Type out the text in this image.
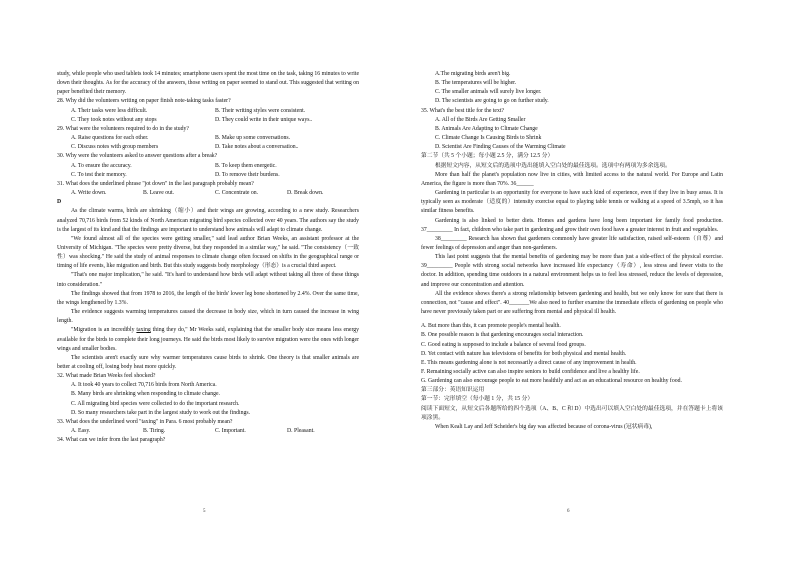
study, while people who used tablets took 14 minutes; smartphone users spent the most time on the task, taking 16 minutes to write down their thoughts. As for the accuracy of the answers, those writing on paper seemed to stand out. This suggested that writing on paper benefited their memory.

28. Why did the volunteers writing on paper finish note-taking tasks faster?

A. Their tasks were less difficult.	B. Their writing styles were consistent.
C. They took notes without any stops	D. They could write in their unique ways..

29. What were the volunteers required to do in the study?

A. Raise questions for each other.	B. Make up some conversations.
C. Discuss notes with group members	D. Take notes about a conversation..

30. Why were the volunteers asked to answer questions after a break?

A. To ensure the accuracy.	B. To keep them energetic.
C. To test their memory.	D. To remove their burdens.

31. What does the underlined phrase "jot down" in the last paragraph probably mean?

A. Write down.	B. Leave out.	C. Concentrate on.	D. Break down.

D

As the climate warms, birds are shrinking（缩小）and their wings are growing, according to a new study. Researchers analyzed 70,716 birds from 52 kinds of North American migrating bird species collected over 40 years. The authors say the study is the largest of its kind and that the findings are important to understand how animals will adapt to climate change.

"We found almost all of the species were getting smaller," said lead author Brian Weeks, an assistant professor at the University of Michigan. "The species were pretty diverse, but they responded in a similar way," he said. "The consistency（一致性）was shocking." He said the study of animal responses to climate change often focused on shifts in the geographical range or timing of life events, like migration and birth. But this study suggests body morphology（形态）is a crucial third aspect.

"That's one major implication," he said. "It's hard to understand how birds will adapt without taking all three of these things into consideration."

The findings showed that from 1978 to 2016, the length of the birds' lower leg bone shortened by 2.4%. Over the same time, the wings lengthened by 1.3%.

The evidence suggests warming temperatures caused the decrease in body size, which in turn caused the increase in wing length.

"Migration is an incredibly taxing thing they do," Mr Weeks said, explaining that the smaller body size means less energy available for the birds to complete their long journeys. He said the birds most likely to survive migration were the ones with longer wings and smaller bodies.

The scientists aren't exactly sure why warmer temperatures cause birds to shrink. One theory is that smaller animals are better at cooling off, losing body heat more quickly.

32. What made Brian Weeks feel shocked?

A. It took 40 years to collect 70,716 birds from North America.

B. Many birds are shrinking when responding to climate change.

C. All migrating bird species were collected to do the important research.

D. So many researchers take part in the largest study to work out the findings.

33. What does the underlined word "taxing" in Para. 6 most probably mean?

A. Easy.	B. Tiring.	C. Important.	D. Pleasant.

34. What can we infer from the last paragraph?

A.The migrating birds aren't big.

B. The temperatures will be higher.

C. The smaller animals will surely live longer.

D. The scientists are going to go on further study.

35. What's the best title for the text?

A. All of the Birds Are Getting Smaller

B. Animals Are Adapting to Climate Change

C. Climate Change Is Causing Birds to Shrink

D. Scientist Are Finding Causes of the Warming Climate

第二节（共 5 个小题；每小题 2.5 分，满分 12.5 分）

根据短文内容，从短文后的选项中选出能填入空白处的最佳选项。选项中有两项为多余选项。

More than half the planet's population now live in cities, with limited access to the natural world. For Europe and Latin America, the figure is more than 70%. 36______

Gardening in particular is an opportunity for everyone to have such kind of experience, even if they live in busy areas. It is typically seen as moderate（适度的）intensity exercise equal to playing table tennis or walking at a speed of 3.5mph, so it has similar fitness benefits.

Gardening is also linked to better diets. Homes and gardens have long been important for family food production. 37_________ In fact, children who take part in gardening and grow their own food have a greater interest in fruit and vegetables.

38_________ Research has shown that gardeners commonly have greater life satisfaction, raised self-esteem（自尊）and fewer feelings of depression and anger than non-gardeners.

This last point suggests that the mental benefits of gardening may be more than just a side-effect of the physical exercise. 39_________ People with strong social networks have increased life expectancy（寿命）, less stress and fewer visits to the doctor. In addition, spending time outdoors in a natural environment helps us to feel less stressed, reduce the levels of depression, and improve our concentration and attention.

All the evidence shows there's a strong relationship between gardening and health, but we only know for sure that there is connection, not "cause and effect". 40_______We also need to further examine the immediate effects of gardening on people who have never previously taken part or are suffering from mental and physical ill health.

A. But more than this, it can promote people's mental health.

B. One possible reason is that gardening encourages social interaction.

C. Good eating is supposed to include a balance of several food groups.

D. Yet contact with nature has televisions of benefits for both physical and mental health.

E. This means gardening alone is not necessarily a direct cause of any improvement in health.

F. Remaining socially active can also inspire seniors to build confidence and live a healthy life.

G. Gardening can also encourage people to eat more healthily and act as an educational resource on healthy food.

第三部分：英语知识运用

第一节：完形填空（每小题 1 分，共 15 分）

阅读下面短文，从短文后各题所给的四个选项（A、B、C 和 D）中选出可以填入空白处的最佳选项，并在答题卡上将该项涂黑。

When Keali Lay and Jeff Scheider's big day was affected because of corona-virus (冠状病毒),

5	6
